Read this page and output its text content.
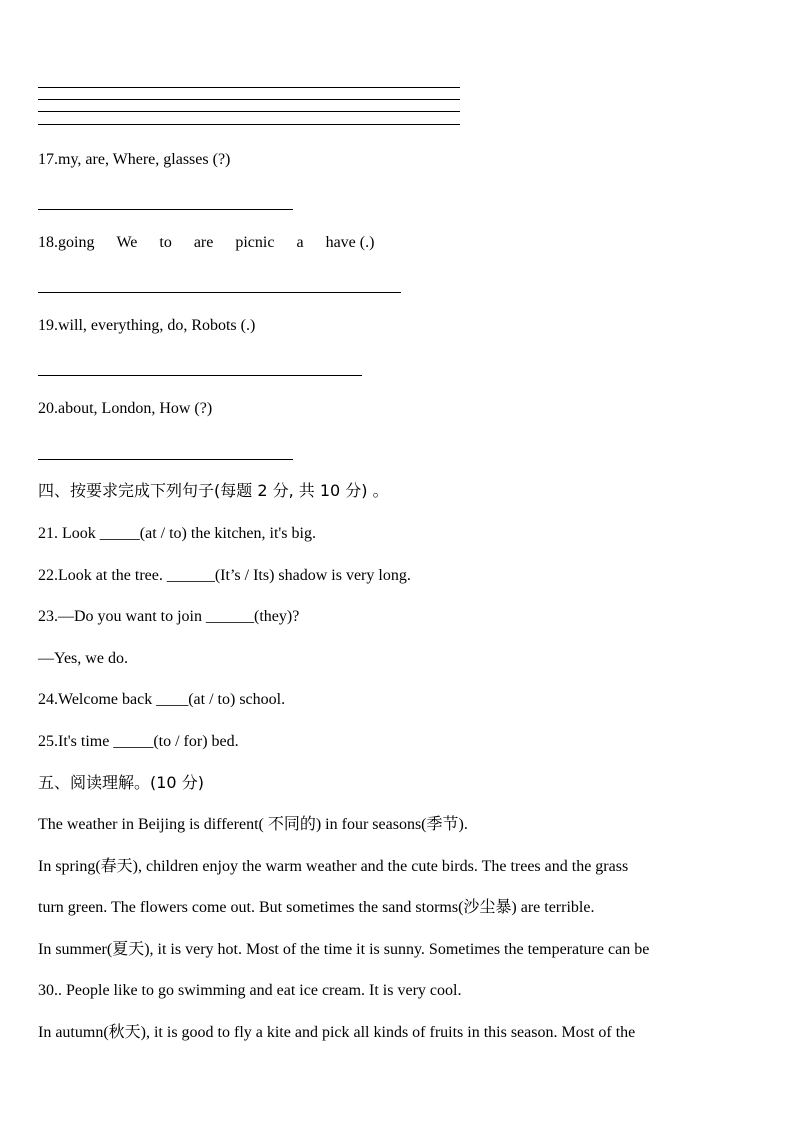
17.my, are, Where, glasses (?)
18.going We to are picnic a have (.)
19.will, everything, do, Robots (.)
20.about, London, How (?)
四、按要求完成下列句子(每题 2 分, 共 10 分) 。
21. Look _____(at / to) the kitchen, it's big.
22.Look at the tree. ______(It’s / Its) shadow is very long.
23.—Do you want to join ______(they)?
—Yes, we do.
24.Welcome back ____(at / to) school.
25.It's time _____(to / for) bed.
五、阅读理解。(10 分)
The weather in Beijing is different( 不同的) in four seasons(季节).
In spring(春天), children enjoy the warm weather and the cute birds. The trees and the grass
turn green. The flowers come out. But sometimes the sand storms(沙尘暴) are terrible.
In summer(夏天), it is very hot. Most of the time it is sunny. Sometimes the temperature can be
30.. People like to go swimming and eat ice cream. It is very cool.
In autumn(秋天), it is good to fly a kite and pick all kinds of fruits in this season. Most of the
